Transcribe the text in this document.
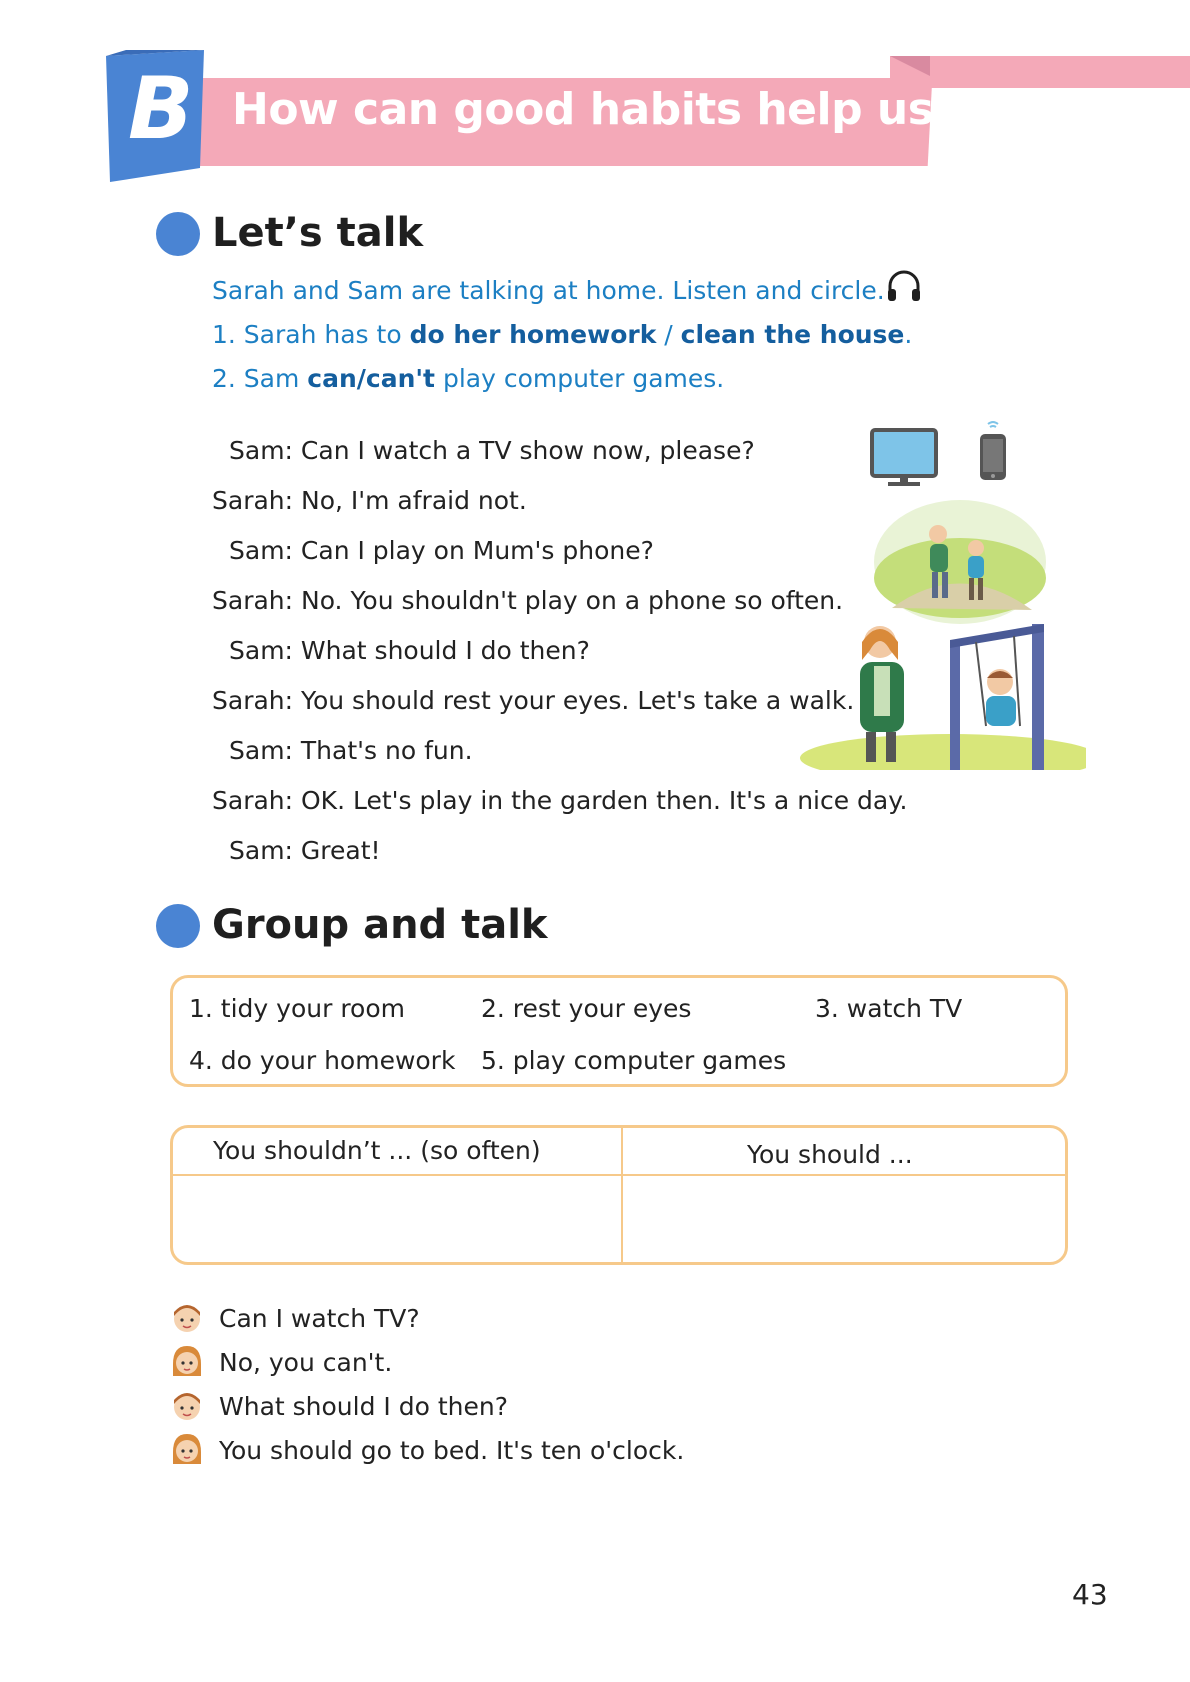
B How can good habits help us?
Let’s talk
Sarah and Sam are talking at home. Listen and circle.
1. Sarah has to do her homework / clean the house.
2. Sam can/can't play computer games.
Sam: Can I watch a TV show now, please?
Sarah: No, I'm afraid not.
Sam: Can I play on Mum's phone?
Sarah: No. You shouldn't play on a phone so often.
Sam: What should I do then?
Sarah: You should rest your eyes. Let's take a walk.
Sam: That's no fun.
Sarah: OK. Let's play in the garden then. It's a nice day.
Sam: Great!
Group and talk
1. tidy your room	2. rest your eyes	3. watch TV
4. do your homework 5. play computer games
You shouldn’t ... (so often)	You should ...
Can I watch TV?
No, you can't.
What should I do then?
You should go to bed. It's ten o'clock.
43
